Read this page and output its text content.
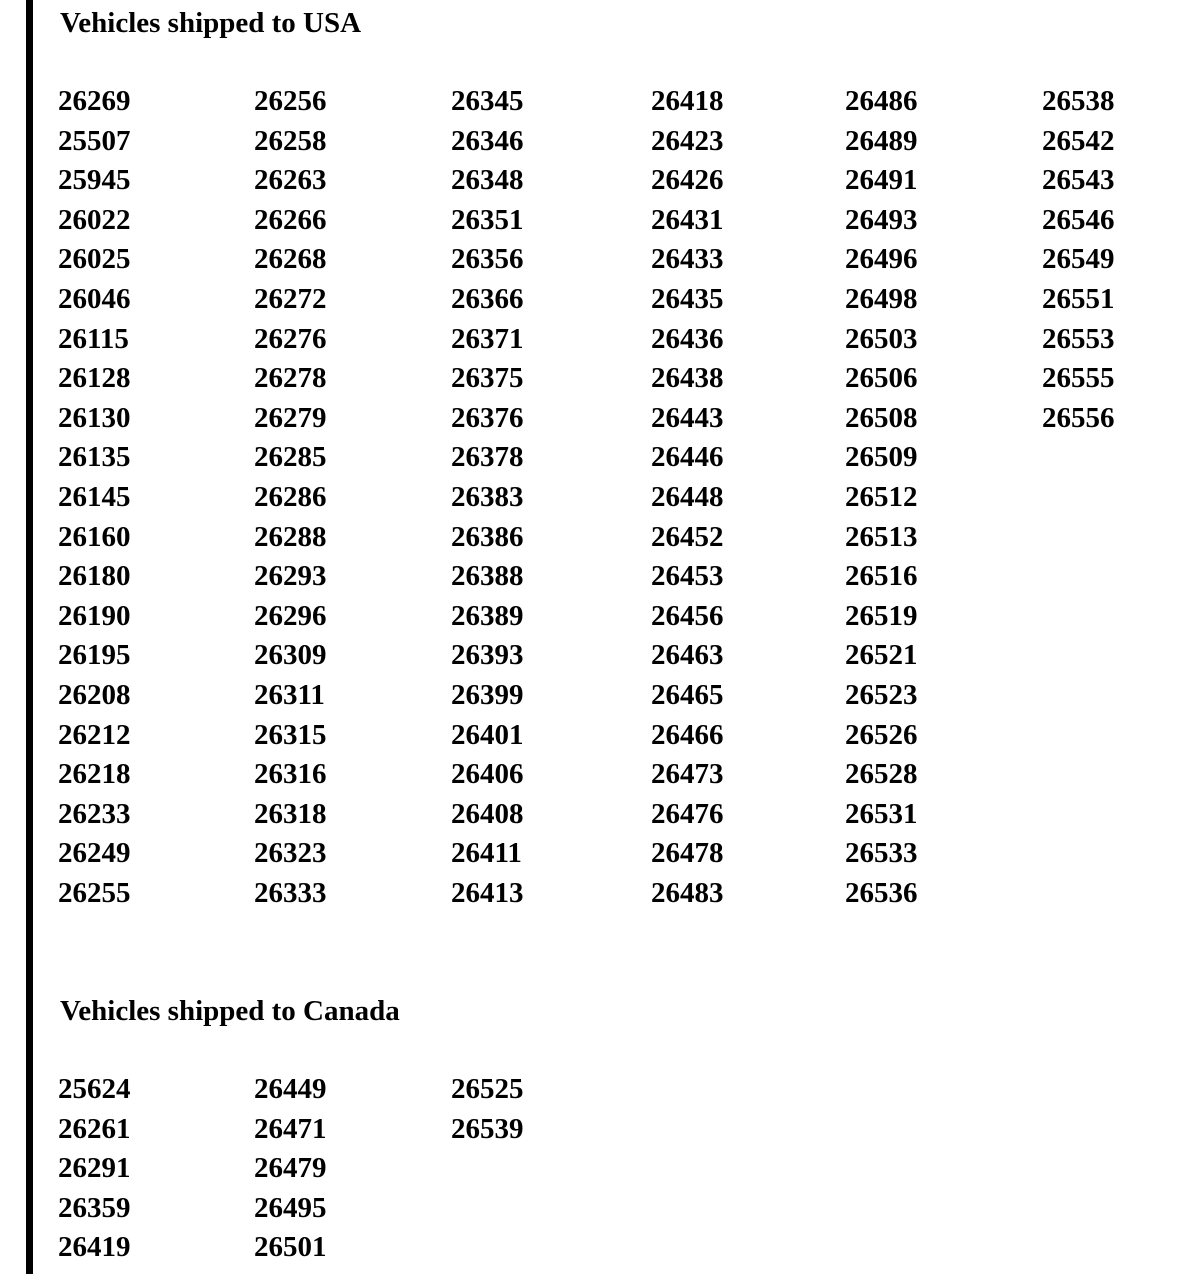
Vehicles shipped to USA
26269
25507
25945
26022
26025
26046
26115
26128
26130
26135
26145
26160
26180
26190
26195
26208
26212
26218
26233
26249
26255
26256
26258
26263
26266
26268
26272
26276
26278
26279
26285
26286
26288
26293
26296
26309
26311
26315
26316
26318
26323
26333
26345
26346
26348
26351
26356
26366
26371
26375
26376
26378
26383
26386
26388
26389
26393
26399
26401
26406
26408
26411
26413
26418
26423
26426
26431
26433
26435
26436
26438
26443
26446
26448
26452
26453
26456
26463
26465
26466
26473
26476
26478
26483
26486
26489
26491
26493
26496
26498
26503
26506
26508
26509
26512
26513
26516
26519
26521
26523
26526
26528
26531
26533
26536
26538
26542
26543
26546
26549
26551
26553
26555
26556
Vehicles shipped to Canada
25624
26261
26291
26359
26419
26449
26471
26479
26495
26501
26525
26539
